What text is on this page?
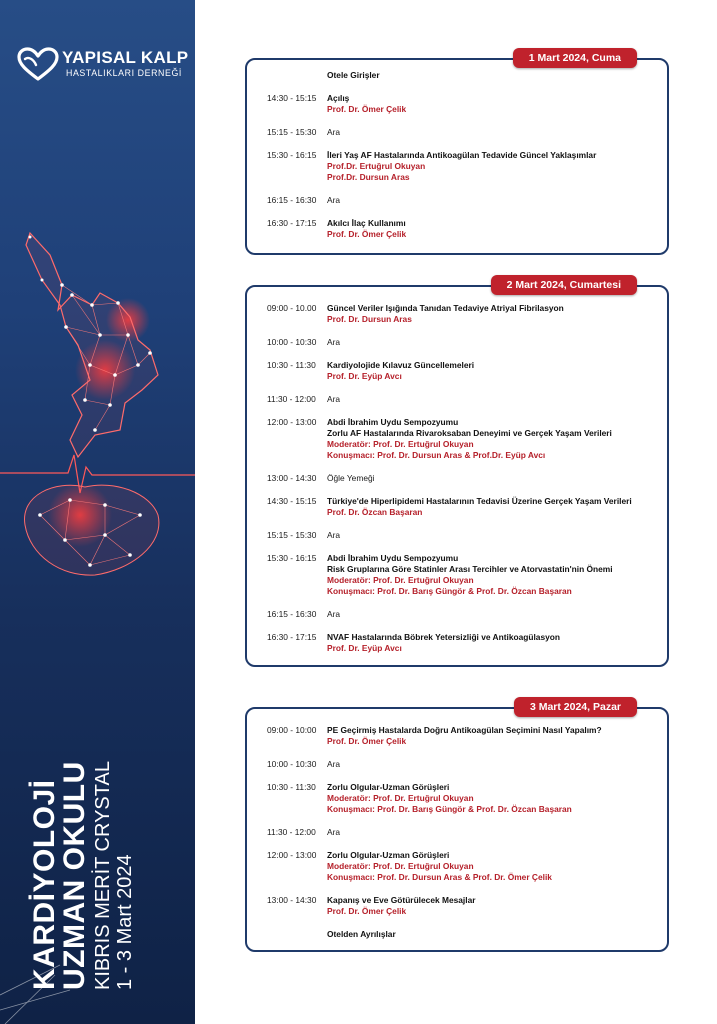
YAPISAL KALP
HASTALIKLARI DERNEĞİ
KARDİYOLOJİ
UZMAN OKULU KIBRIS MERİT CRYSTAL 1 - 3 Mart 2024
1 Mart 2024, Cuma
Otele Girişler
14:30 - 15:15	Açılış
Prof. Dr. Ömer Çelik
15:15 - 15:30	Ara
15:30 - 16:15	İleri Yaş AF Hastalarında Antikoagülan Tedavide Güncel Yaklaşımlar
Prof.Dr. Ertuğrul Okuyan
Prof.Dr. Dursun Aras
16:15 - 16:30	Ara
16:30 - 17:15	Akılcı İlaç Kullanımı
Prof. Dr. Ömer Çelik
2 Mart 2024, Cumartesi
09:00 - 10.00	Güncel Veriler Işığında Tanıdan Tedaviye Atriyal Fibrilasyon
Prof. Dr. Dursun Aras
10:00 - 10:30	Ara
10:30 - 11:30	Kardiyolojide Kılavuz Güncellemeleri
Prof. Dr. Eyüp Avcı
11:30 - 12:00	Ara
12:00 - 13:00	Abdi İbrahim Uydu Sempozyumu
Zorlu AF Hastalarında Rivaroksaban Deneyimi ve Gerçek Yaşam Verileri
Moderatör: Prof. Dr. Ertuğrul Okuyan
Konuşmacı: Prof. Dr. Dursun Aras & Prof.Dr. Eyüp Avcı
13:00 - 14:30	Öğle Yemeği
14:30 - 15:15	Türkiye'de Hiperlipidemi Hastalarının Tedavisi Üzerine Gerçek Yaşam Verileri
Prof. Dr. Özcan Başaran
15:15 - 15:30	Ara
15:30 - 16:15	Abdi İbrahim Uydu Sempozyumu
Risk Gruplarına Göre Statinler Arası Tercihler ve Atorvastatin'nin Önemi
Moderatör: Prof. Dr. Ertuğrul Okuyan
Konuşmacı: Prof. Dr. Barış Güngör & Prof. Dr. Özcan Başaran
16:15 - 16:30	Ara
16:30 - 17:15	NVAF Hastalarında Böbrek Yetersizliği ve Antikoagülasyon
Prof. Dr. Eyüp Avcı
3 Mart 2024, Pazar
09:00 - 10:00	PE Geçirmiş Hastalarda Doğru Antikoagülan Seçimini Nasıl Yapalım?
Prof. Dr. Ömer Çelik
10:00 - 10:30	Ara
10:30 - 11:30	Zorlu Olgular-Uzman Görüşleri
Moderatör: Prof. Dr. Ertuğrul Okuyan
Konuşmacı: Prof. Dr. Barış Güngör & Prof. Dr. Özcan Başaran
11:30 - 12:00	Ara
12:00 - 13:00	Zorlu Olgular-Uzman Görüşleri
Moderatör: Prof. Dr. Ertuğrul Okuyan
Konuşmacı: Prof. Dr. Dursun Aras & Prof. Dr. Ömer Çelik
13:00 - 14:30	Kapanış ve Eve Götürülecek Mesajlar
Prof. Dr. Ömer Çelik
Otelden Ayrılışlar
